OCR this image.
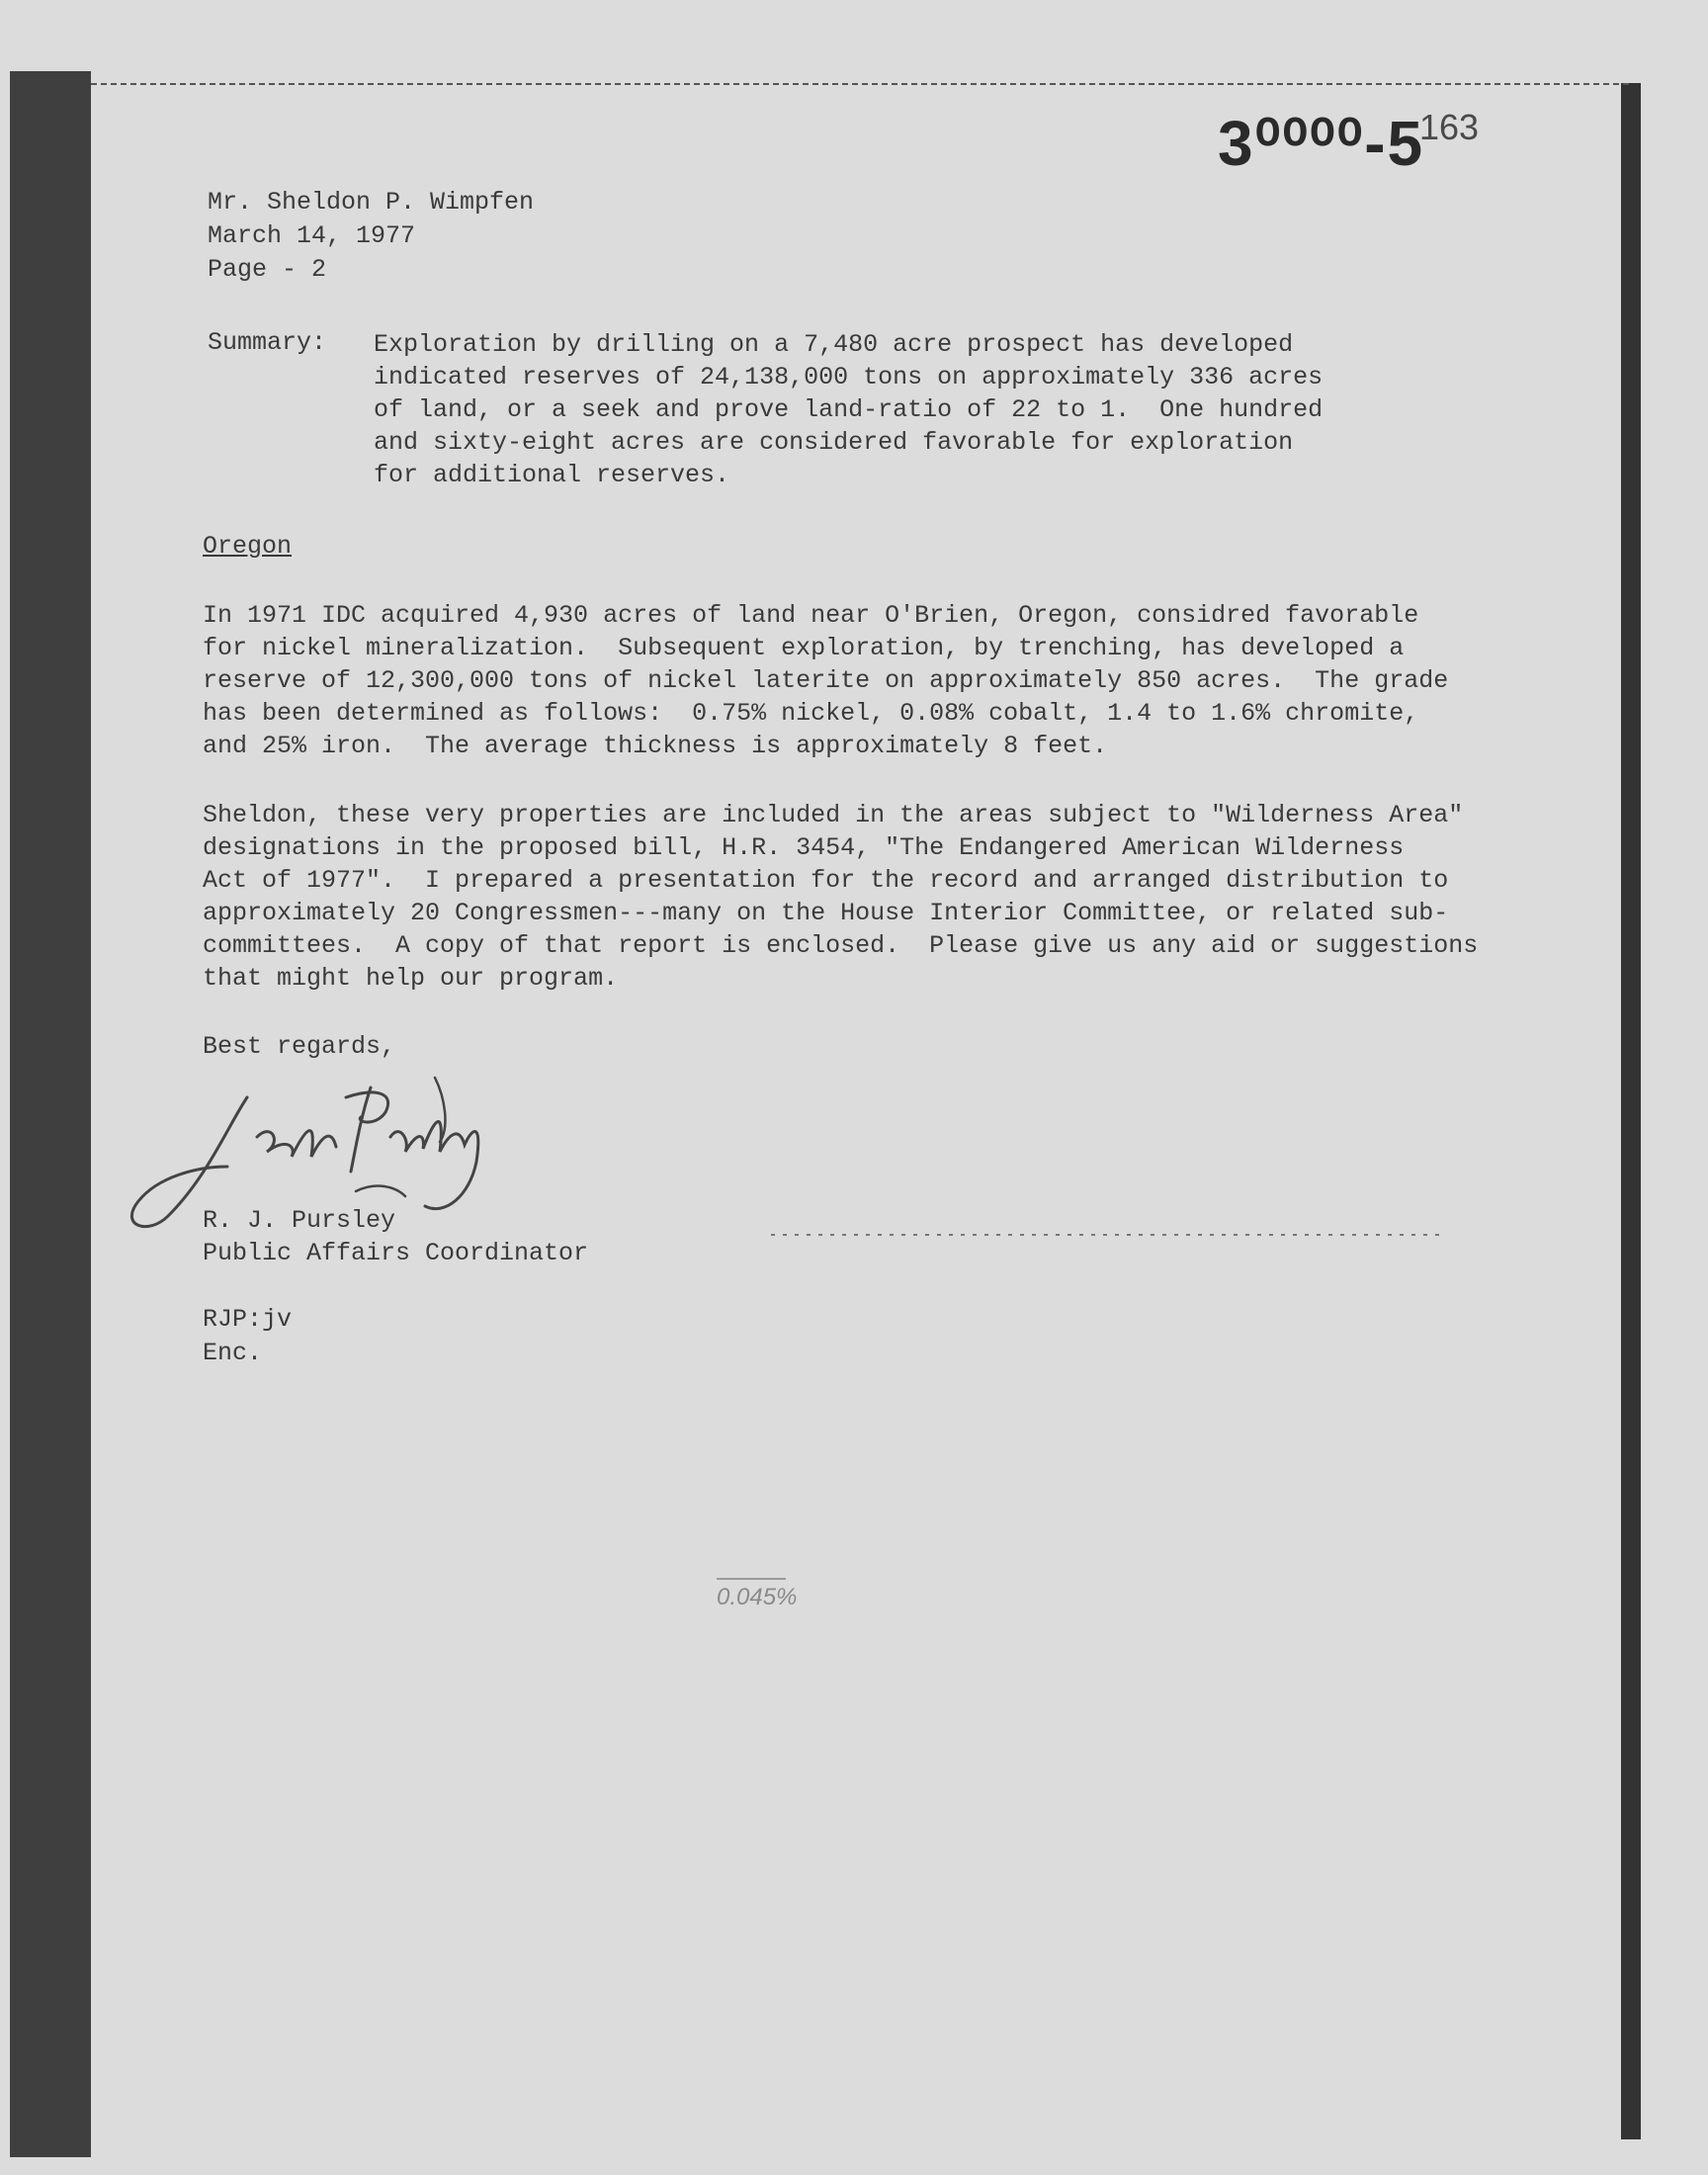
3⁰⁰⁰⁰-5
163
Mr. Sheldon P. Wimpfen
March 14, 1977
Page - 2
Summary: Exploration by drilling on a 7,480 acre prospect has developed
indicated reserves of 24,138,000 tons on approximately 336 acres
of land, or a seek and prove land-ratio of 22 to 1.  One hundred
and sixty-eight acres are considered favorable for exploration
for additional reserves.
Oregon
In 1971 IDC acquired 4,930 acres of land near O'Brien, Oregon, considred favorable
for nickel mineralization.  Subsequent exploration, by trenching, has developed a
reserve of 12,300,000 tons of nickel laterite on approximately 850 acres.  The grade
has been determined as follows:  0.75% nickel, 0.08% cobalt, 1.4 to 1.6% chromite,
and 25% iron.  The average thickness is approximately 8 feet.
Sheldon, these very properties are included in the areas subject to "Wilderness Area"
designations in the proposed bill, H.R. 3454, "The Endangered American Wilderness
Act of 1977".  I prepared a presentation for the record and arranged distribution to
approximately 20 Congressmen---many on the House Interior Committee, or related sub-
committees.  A copy of that report is enclosed.  Please give us any aid or suggestions
that might help our program.
Best regards,
R. J. Pursley
Public Affairs Coordinator
RJP:jv
Enc.
0.045%
